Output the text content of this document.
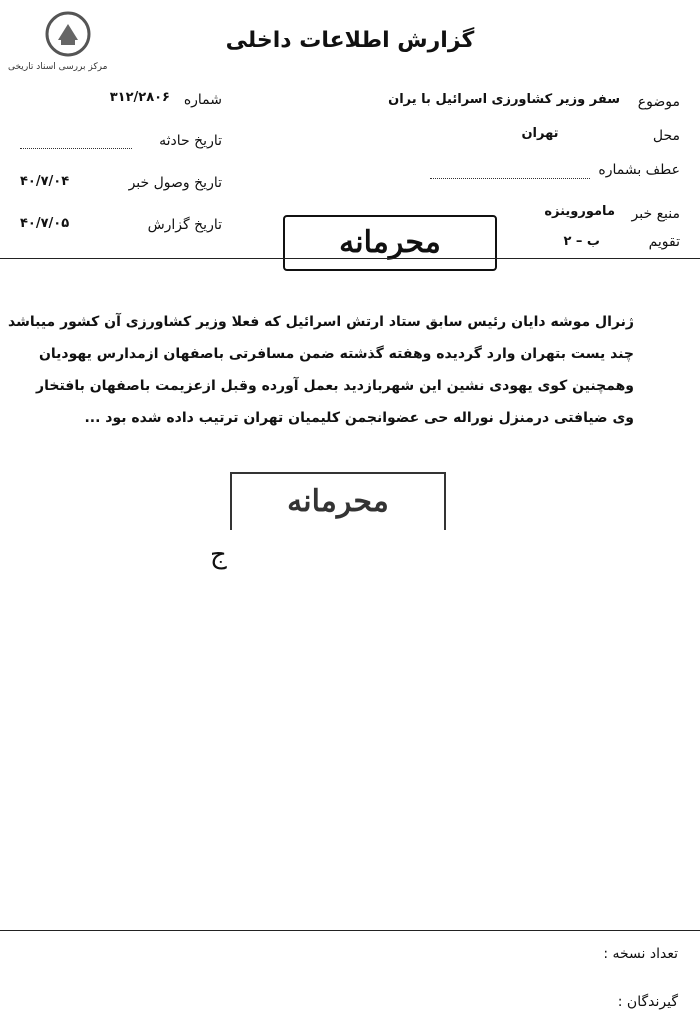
مرکز بررسی اسناد تاریخی
گزارش اطلاعات داخلی
شماره
۳۱۲/۲۸۰۶
تاریخ حادثه
تاریخ وصول خبر
۴۰/۷/۰۴
تاریخ گزارش
۴۰/۷/۰۵
موضوع
سفر وزیر کشاورزی اسرائیل با یران
محل
تهران
عطف بشماره
منبع خبر
ماموروینزه
تقویم
ب – ۲
محرمانه

ژنرال موشه دایان رئیس سابق ستاد ارتش اسرائیل که فعلا وزیر کشاورزی آن کشور میباشد

چند یست بتهران وارد گردیده وهفته گذشته ضمن مسافرتی باصفهان ازمدارس یهودیان

وهمچنین کوی یهودی نشین این شهربازدید بعمل آورده وقبل ازعزیمت باصفهان بافتخار

وی ضیافتی درمنزل نوراله حی عضوانجمن کلیمیان تهران ترتیب داده شده بود ...

محرمانه
ج
تعداد نسخه :
گیرندگان :
